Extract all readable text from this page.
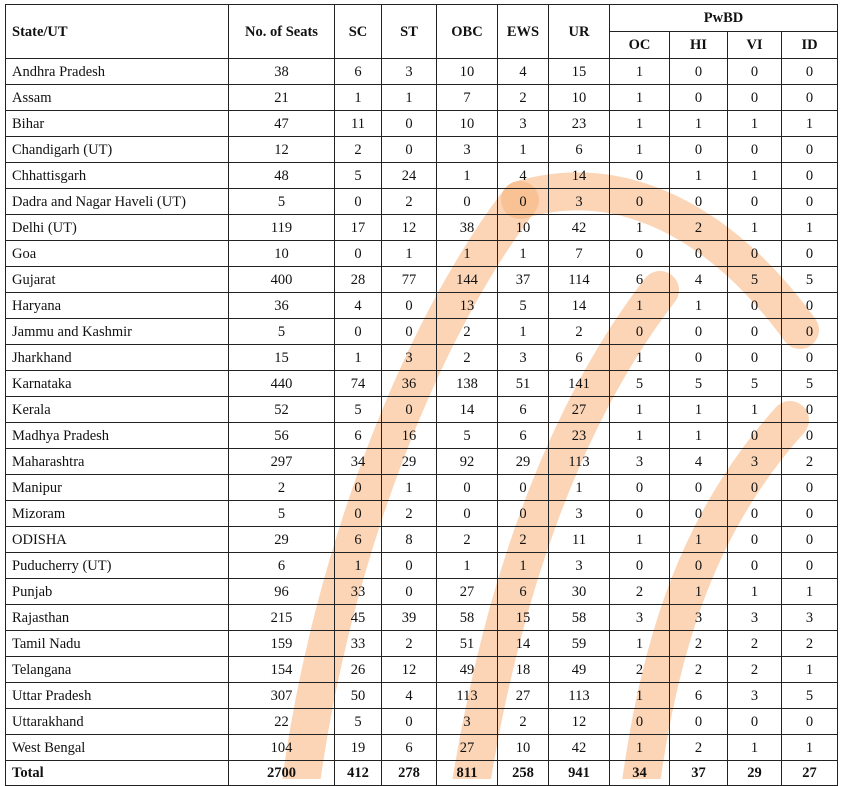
State/UT	No. of Seats	SC	ST	OBC	EWS	UR	PwBD			
							OC	HI	VI	ID
Andhra Pradesh	38	6	3	10	4	15	1	0	0	0
Assam	21	1	1	7	2	10	1	0	0	0
Bihar	47	11	0	10	3	23	1	1	1	1
Chandigarh (UT)	12	2	0	3	1	6	1	0	0	0
Chhattisgarh	48	5	24	1	4	14	0	1	1	0
Dadra and Nagar Haveli (UT)	5	0	2	0	0	3	0	0	0	0
Delhi (UT)	119	17	12	38	10	42	1	2	1	1
Goa	10	0	1	1	1	7	0	0	0	0
Gujarat	400	28	77	144	37	114	6	4	5	5
Haryana	36	4	0	13	5	14	1	1	0	0
Jammu and Kashmir	5	0	0	2	1	2	0	0	0	0
Jharkhand	15	1	3	2	3	6	1	0	0	0
Karnataka	440	74	36	138	51	141	5	5	5	5
Kerala	52	5	0	14	6	27	1	1	1	0
Madhya Pradesh	56	6	16	5	6	23	1	1	0	0
Maharashtra	297	34	29	92	29	113	3	4	3	2
Manipur	2	0	1	0	0	1	0	0	0	0
Mizoram	5	0	2	0	0	3	0	0	0	0
ODISHA	29	6	8	2	2	11	1	1	0	0
Puducherry (UT)	6	1	0	1	1	3	0	0	0	0
Punjab	96	33	0	27	6	30	2	1	1	1
Rajasthan	215	45	39	58	15	58	3	3	3	3
Tamil Nadu	159	33	2	51	14	59	1	2	2	2
Telangana	154	26	12	49	18	49	2	2	2	1
Uttar Pradesh	307	50	4	113	27	113	1	6	3	5
Uttarakhand	22	5	0	3	2	12	0	0	0	0
West Bengal	104	19	6	27	10	42	1	2	1	1
Total	2700	412	278	811	258	941	34	37	29	27
